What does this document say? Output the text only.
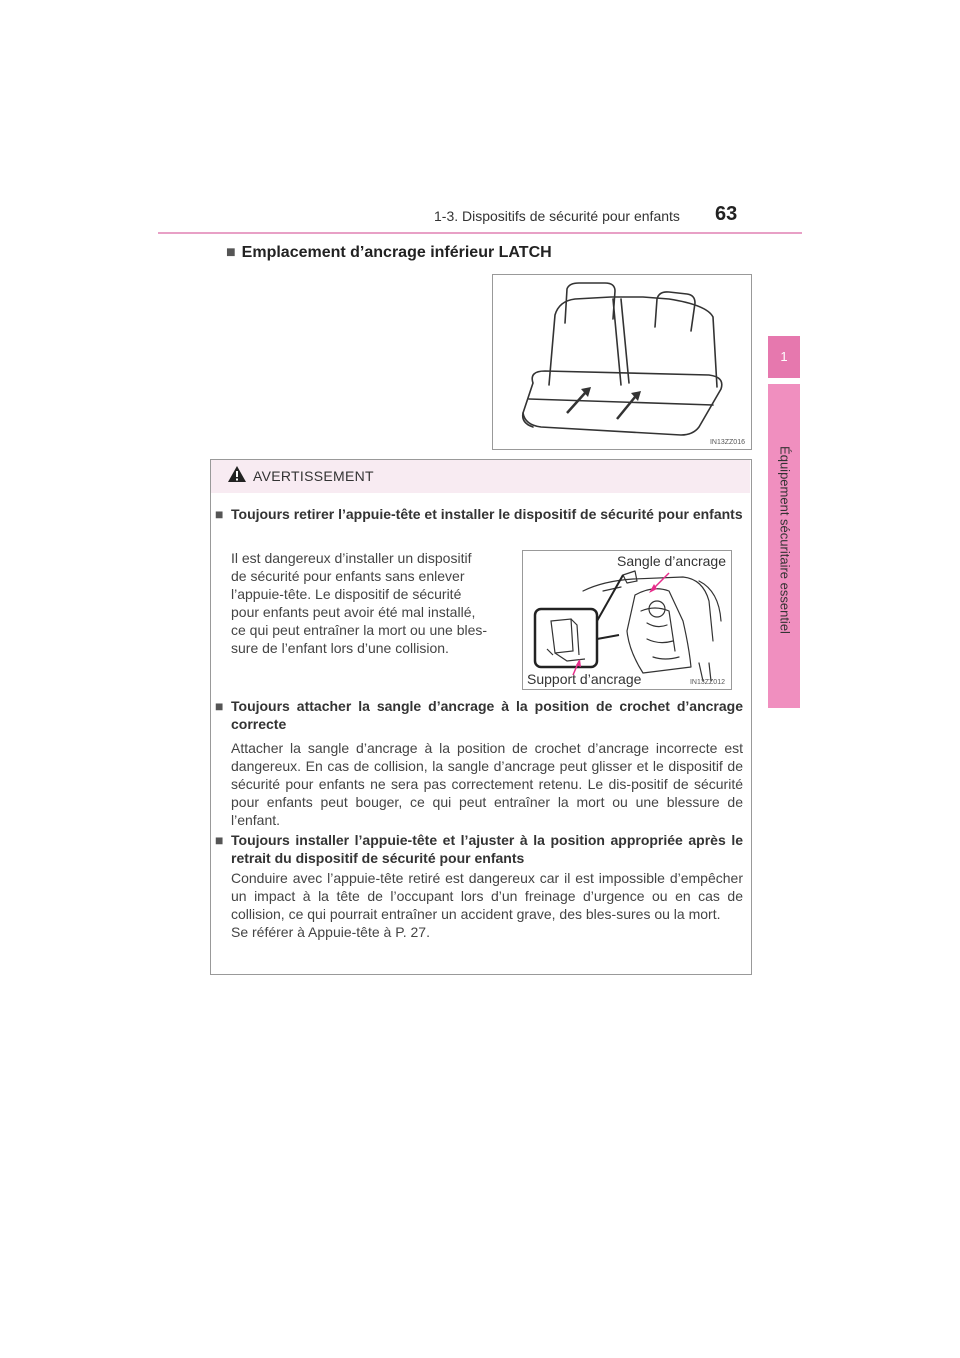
1-3. Dispositifs de sécurité pour enfants 63
1
Équipement sécuritaire essentiel
■ Emplacement d’ancrage inférieur LATCH
IN13ZZ016
AVERTISSEMENT
■ Toujours retirer l’appuie-tête et installer le dispositif de sécurité pour enfants
Il est dangereux d’installer un dispositif
de sécurité pour enfants sans enlever
l’appuie-tête. Le dispositif de sécurité
pour enfants peut avoir été mal installé,
ce qui peut entraîner la mort ou une bles-
sure de l’enfant lors d’une collision.
Sangle d’ancrage
Support d’ancrage	IN13ZZ012
■ Toujours attacher la sangle d’ancrage à la position de crochet d’ancrage correcte
Attacher la sangle d’ancrage à la position de crochet d’ancrage incorrecte est dangereux. En cas de collision, la sangle d’ancrage peut glisser et le dispositif de sécurité pour enfants ne sera pas correctement retenu. Le dis-positif de sécurité pour enfants peut bouger, ce qui peut entraîner la mort ou une blessure de l’enfant.
■ Toujours installer l’appuie-tête et l’ajuster à la position appropriée après le retrait du dispositif de sécurité pour enfants
Conduire avec l’appuie-tête retiré est dangereux car il est impossible d’empêcher un impact à la tête de l’occupant lors d’un freinage d’urgence ou en cas de collision, ce qui pourrait entraîner un accident grave, des bles-sures ou la mort.
Se référer à Appuie-tête à P. 27.
